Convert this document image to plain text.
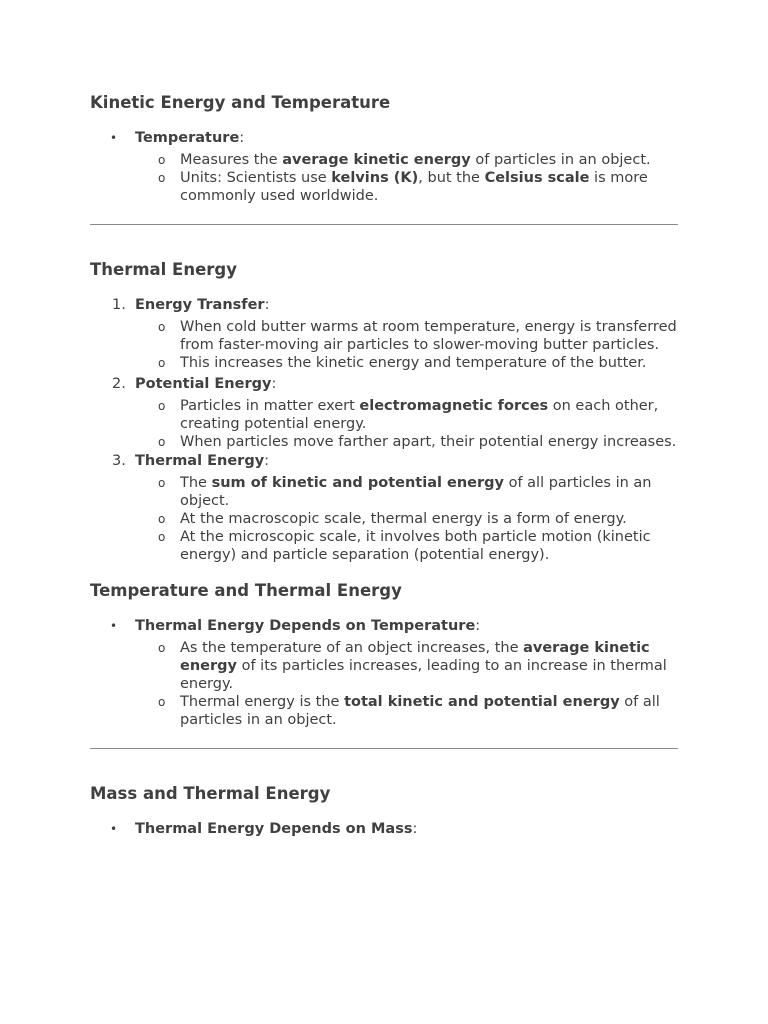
Kinetic Energy and Temperature
• Temperature:
o Measures the average kinetic energy of particles in an object.
o Units: Scientists use kelvins (K), but the Celsius scale is more commonly used worldwide.
Thermal Energy
1. Energy Transfer:
o When cold butter warms at room temperature, energy is transferred from faster-moving air particles to slower-moving butter particles.
o This increases the kinetic energy and temperature of the butter.
2. Potential Energy:
o Particles in matter exert electromagnetic forces on each other, creating potential energy.
o When particles move farther apart, their potential energy increases.
3. Thermal Energy:
o The sum of kinetic and potential energy of all particles in an object.
o At the macroscopic scale, thermal energy is a form of energy.
o At the microscopic scale, it involves both particle motion (kinetic energy) and particle separation (potential energy).
Temperature and Thermal Energy
• Thermal Energy Depends on Temperature:
o As the temperature of an object increases, the average kinetic energy of its particles increases, leading to an increase in thermal energy.
o Thermal energy is the total kinetic and potential energy of all particles in an object.
Mass and Thermal Energy
• Thermal Energy Depends on Mass:
